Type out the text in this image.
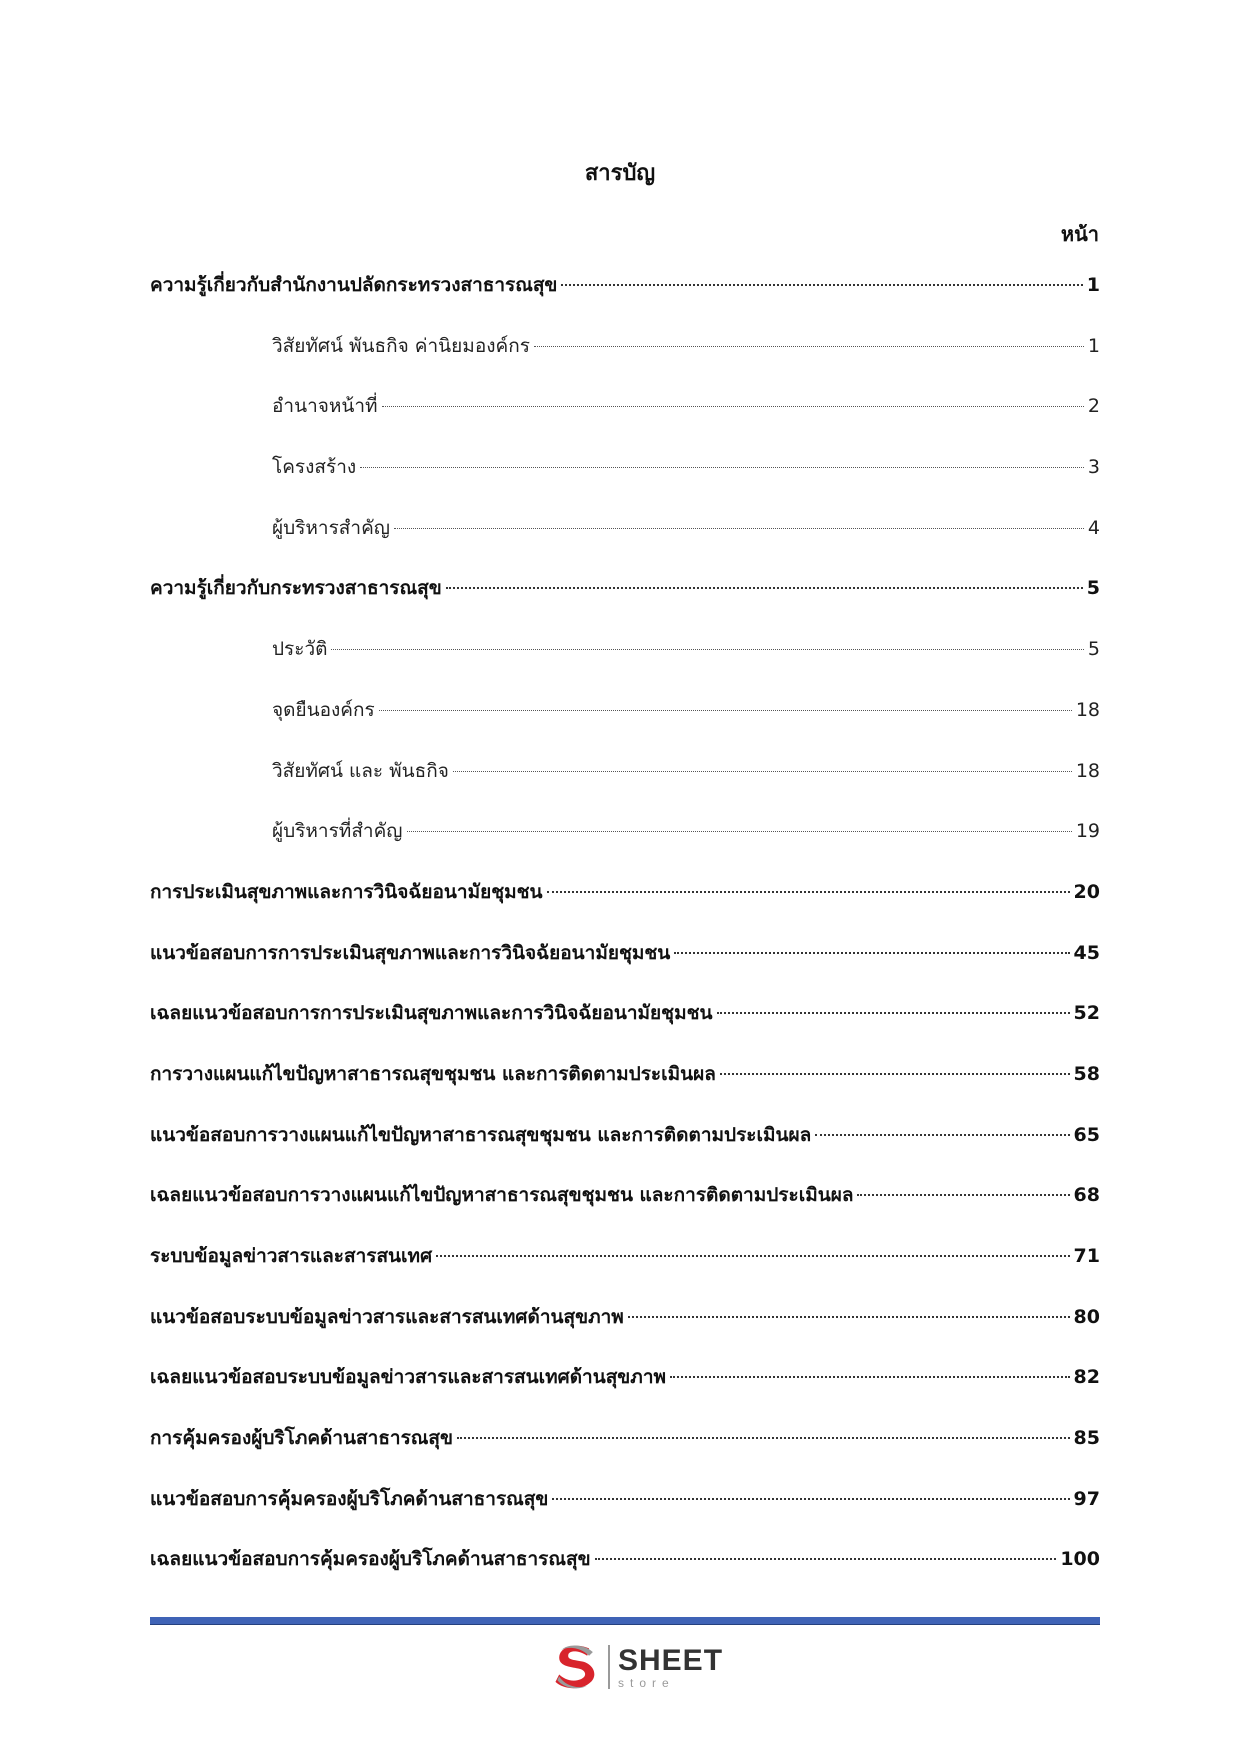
สารบัญ
หน้า
ความรู้เกี่ยวกับสำนักงานปลัดกระทรวงสาธารณสุข	1
วิสัยทัศน์ พันธกิจ ค่านิยมองค์กร	1
อำนาจหน้าที่	2
โครงสร้าง	3
ผู้บริหารสำคัญ	4
ความรู้เกี่ยวกับกระทรวงสาธารณสุข	5
ประวัติ	5
จุดยืนองค์กร	18
วิสัยทัศน์ และ พันธกิจ	18
ผู้บริหารที่สำคัญ	19
การประเมินสุขภาพและการวินิจฉัยอนามัยชุมชน	20
แนวข้อสอบการการประเมินสุขภาพและการวินิจฉัยอนามัยชุมชน	45
เฉลยแนวข้อสอบการการประเมินสุขภาพและการวินิจฉัยอนามัยชุมชน	52
การวางแผนแก้ไขปัญหาสาธารณสุขชุมชน และการติดตามประเมินผล	58
แนวข้อสอบการวางแผนแก้ไขปัญหาสาธารณสุขชุมชน และการติดตามประเมินผล	65
เฉลยแนวข้อสอบการวางแผนแก้ไขปัญหาสาธารณสุขชุมชน และการติดตามประเมินผล	68
ระบบข้อมูลข่าวสารและสารสนเทศ	71
แนวข้อสอบระบบข้อมูลข่าวสารและสารสนเทศด้านสุขภาพ	80
เฉลยแนวข้อสอบระบบข้อมูลข่าวสารและสารสนเทศด้านสุขภาพ	82
การคุ้มครองผู้บริโภคด้านสาธารณสุข	85
แนวข้อสอบการคุ้มครองผู้บริโภคด้านสาธารณสุข	97
เฉลยแนวข้อสอบการคุ้มครองผู้บริโภคด้านสาธารณสุข	100
SHEET
store
